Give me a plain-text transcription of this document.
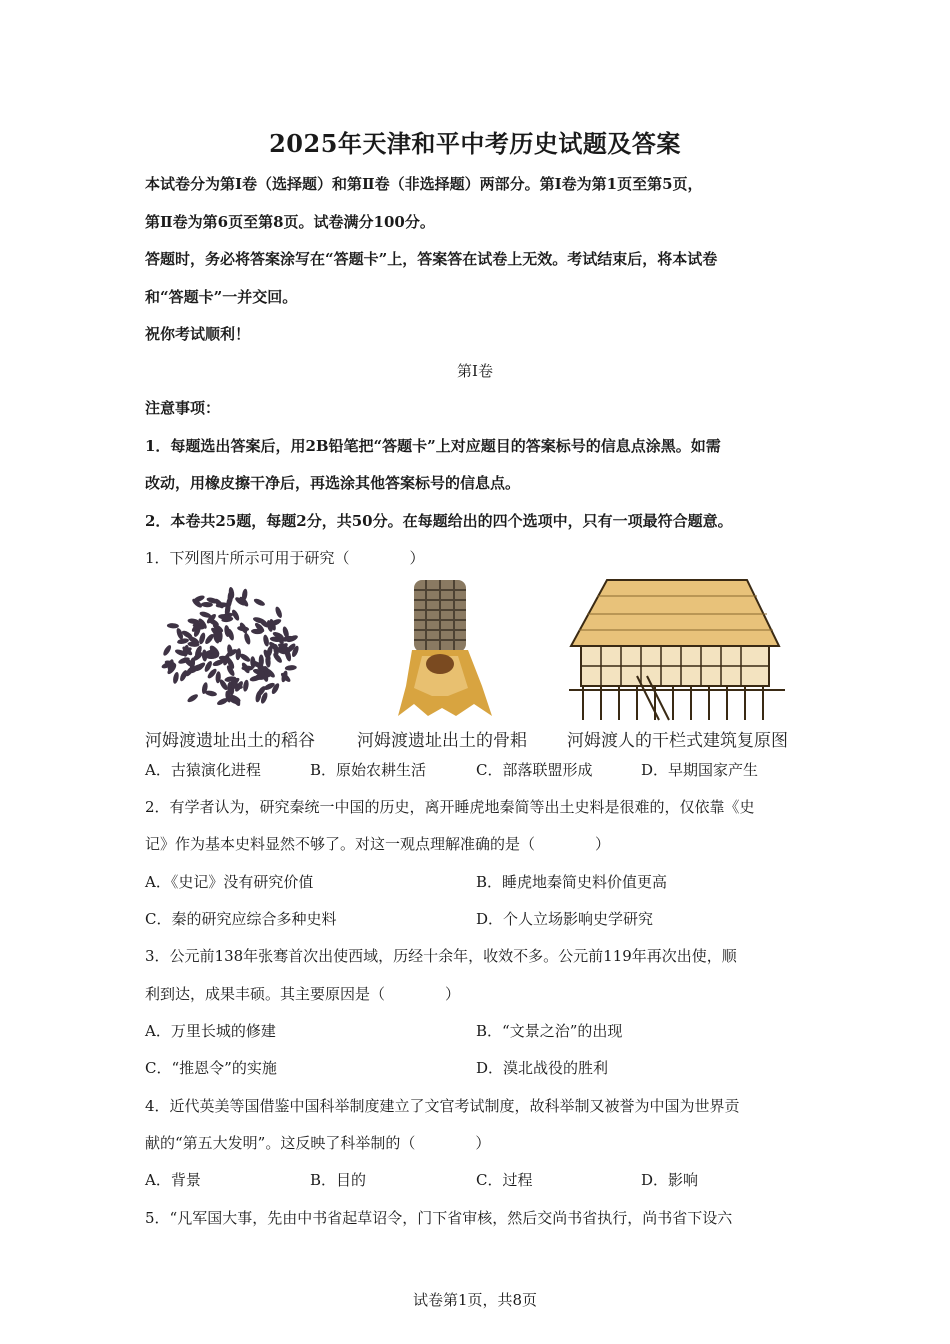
2025年天津和平中考历史试题及答案
本试卷分为第Ⅰ卷（选择题）和第Ⅱ卷（非选择题）两部分。第Ⅰ卷为第1页至第5页，
第Ⅱ卷为第6页至第8页。试卷满分100分。
答题时，务必将答案涂写在“答题卡”上，答案答在试卷上无效。考试结束后，将本试卷
和“答题卡”一并交回。
祝你考试顺利！
第Ⅰ卷
注意事项：
1．每题选出答案后，用2B铅笔把“答题卡”上对应题目的答案标号的信息点涂黑。如需
改动，用橡皮擦干净后，再选涂其他答案标号的信息点。
2．本卷共25题，每题2分，共50分。在每题给出的四个选项中，只有一项最符合题意。
1．下列图片所示可用于研究（　　　　）
河姆渡遗址出土的稻谷 河姆渡遗址出土的骨耜 河姆渡人的干栏式建筑复原图
A．古猿演化进程	B．原始农耕生活	C．部落联盟形成	D．早期国家产生
2．有学者认为，研究秦统一中国的历史，离开睡虎地秦简等出土史料是很难的，仅依靠《史
记》作为基本史料显然不够了。对这一观点理解准确的是（　　　　）
A．《史记》没有研究价值	B．睡虎地秦简史料价值更高
C．秦的研究应综合多种史料	D．个人立场影响史学研究
3．公元前138年张骞首次出使西域，历经十余年，收效不多。公元前119年再次出使，顺
利到达，成果丰硕。其主要原因是（　　　　）
A．万里长城的修建	B．“文景之治”的出现
C．“推恩令”的实施	D．漠北战役的胜利
4．近代英美等国借鉴中国科举制度建立了文官考试制度，故科举制又被誉为中国为世界贡
献的“第五大发明”。这反映了科举制的（　　　　）
A．背景	B．目的	C．过程	D．影响
5．“凡军国大事，先由中书省起草诏令，门下省审核，然后交尚书省执行，尚书省下设六
试卷第1页，共8页
